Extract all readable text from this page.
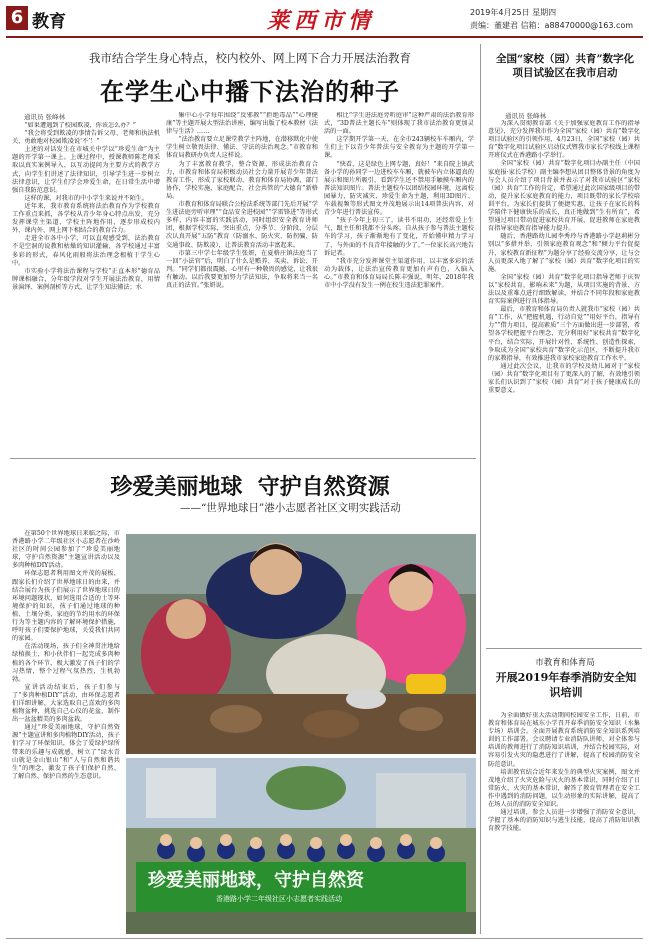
6 教育	莱西市情	2019年4月25日 星期四
责编：董建君 信箱：a88470000@163.com
我市结合学生身心特点，校内校外、网上网下合力开展法治教育
在学生心中播下法治的种子
通讯员 张峰林

“如果遭遇到了校园欺凌，你该怎么办？”

“我会将受到欺凌的事情告诉父母、老师和执法机关，勇敢地对校园欺凌说‘不’！”

上述的对话发生在市城关中学以“珍爱生命”为主题的开学第一课上。上课过程中，授课教师陈老师采取以真实案例导入、以互动提问为主要方式的教学方式，向学生们讲述了法律知识，引导学生进一步树立法律意识，让学生们学会珍爱生命，在日常生活中增强自我防范意识。

这样的课，对我市的中小学生来说并不陌生。

近年来，我市教育系统将法治教育作为学校教育工作重点来抓，各学校从青少年身心特点出发，充分发挥课堂主渠道、学校主阵地作用，逐步形成校内外、课内外、网上网下相结合的教育合力。

走进全市各中小学，可以直观感受到，法治教育不是空洞的说教和枯燥的知识灌输，各学校通过丰富多彩的形式，春风化雨般将法治理念根植于学生心中。

市实验小学将法治课程与学校“正直本形”德育品牌课相融合，分年级学段对学生开展法治教育，用情景演绎、案例剖析等方式，让学生知法懂法；水

集中心小学每年围绕“反邪教”“拒绝毒品”“心理健康”等主题开展大型法治讲座，编写出版了校本教材《法律与生活》……

“法治教育要立足课堂教学主阵地，在潜移默化中使学生树立敬畏法律、懂法、守法的法治观念。”市教育和体育局教研办负责人这样说。

为了丰富教育教学，整合资源，形成法治教育合力，市教育和体育局积极动员社会力量开展青少年普法教育工作，形成了家校联动、教育和体育局协调，部门协作，学校实施，家庭配合，社会共管的“大德育”新格局。

市教育和体育局联合公检法系统等部门先后开展“学生进法庭旁听审理”“食品安全进校园”“学雷锋进”等形式多样，内容丰富的实践活动，同时组织安全教育讲师团，根据学校实际，突出重点，分季节、分阶段、分层次认真开展“五防”教育（防溺水、防火灾、防拐骗、防交通事故、防欺凌），让普法教育活动丰富起来。

市第三中学七年级学生张妍，在夏格庄镇法庭当了一回“小法官”后，明白了什么是赡养、买卖、诉讼、开判。“同学们都很震撼，心里有一种敬畏的感觉，让我很有触动。以后我要更加努力学法知法，争取将来当一名真正的法官。”张妍说。

相比“学生进法庭旁听庭审”这种严肃的法治教育形式，“3D普法主题长车”则体现了我市法治教育更加灵活的一面。

这学期开学第一天，在全市243辆校车车厢内，学生们上下以青少年普法与安全教育为主题的开学第一课。

“快看，这是绿色上网专题，真好！”来自院上镇武备小学的孙同学一边进校车车厢，就被车内立体逼真的展示和图片所吸引，看到学生还不禁用手触摸车厢内的普法知识图片。普法主题校车以团结校园环境，远离校园暴力，防灾减灾、珍爱生命为主题，利用3D图片、车载视频等形式图文并茂地展示出14项普法内容，对青少年进行普法宣传。

“孩子今年上初三了，读书不用功，还经常爱上生气，跟主任和我都不分头疼。自从孩子参与普法主题校车的学习，孩子渐渐地有了变化，开始懂申精力学习了，与外面的不良青年接触的少了。”一位家长高兴地告诉记者。

“我市充分发挥课堂主渠道作用，以丰富多彩的活动为载体，让法治宣传教育更加有声有色，入脑入心。”市教育和体育局局长陈丰强说，明年，2018年我市中小学没有发生一例在校生违法犯罪案件。

全国“家校（园）共育”数字化项目试验区在我市启动
通讯员 张峰林

为深入贯彻教育部《关于加强家庭教育工作的指导意见》，充分发挥我市作为全国“家校（园）共育”数字化项目试验区的引领作用，4月23日，全国“家校（园）共育”数字化项目试验区启动仪式暨我市家长学校线上课程开班仪式在香港路小学举行。

全国“家校（园）共育”数字化项目办副主任（中国家庭报·家长学校）副主编李想从团目整体背景的角度为与会人员介绍了项目背景并表示了对我市试验区“家校（园）共育”工作的肯定，希望通过此次国家级项目的带动，提升家长家庭教育的能力，项目既带的家长学校培训平台，为家长们提供了便捷实惠，让孩子在家长的科学陪伴下健康快乐的成长，真正地做到“生有所育”，希望通过项目带动促进家校共育开展，促进教师在家庭教育指导家庭教育指导能力提升。

随后，香港路幼儿园李秀玲与香港路小学赵莉彬分别以“多措并举，引领家庭教育观念”和“倾力平台促提升，家校教育新征程”为题分享了经验交流分享，让与会人员更深入地了解了“家校（园）共育”数字化项目的实施。

全国“家校（园）共育”数字化项目指导老师于庆智以“家校共育，影响未来”为题，从项目实施的背景、方法以及重难点进行细致解读，并结合不同年段和家庭教育实际案例进行具体指导。

最后，市教育和体育局负责人就我市“家校（园）共育”工作，从“把握机遇，行动自觉”“用好平台，指导有力”“借力项目，提高素质”三个方面做出进一步部署，希望各学校把握平台理念，充分利用好“家校共育”数字化平台，结合实际，开展针对性、系统性、创造性探索，争取成为全国“家校共育”数字化示范区，不断提升我市的家教指导，有效推进我市家校家庭教育工作水平。

通过此次会议，让我市的学校及幼儿园对于“家校（园）共育”数字化项目有了更深入的了解，有效地引领家长们认识到了“家校（园）共育”对于孩子健康成长的重要意义。

珍爱美丽地球  守护自然资源
——“世界地球日”港小志愿者社区文明实践活动

在第50个世界地球日来临之际，市香港路小学二年级社区小志愿者在沙岭社区的时间公园参加了“珍爱美丽地球，守护自然资源”主题宣讲活动以及多肉种植DIY活动。

环保志愿者利用图文并茂的展板，跟家长们介绍了世界地球日的由来，并结合展台为孩子们展示了世界地球日的环境问题现状，如何选用合适的土等环境保护的知识，孩子们通过地球的种植、土壤分类、家庭的节约用水的环保行为等主题内容的了解环境保护措施，呼吁孩子们要保护地球，关爱我们共同的家园。

在活动现场，孩子们全神贯注地给绿植换土，和小伙伴们一起完成多肉种植的各个环节，极大激发了孩子们的学习热情，整个过程气氛热烈，生机勃勃。

宣讲活动结束后，孩子们参与了“多肉种植DIY”活动，由环保志愿者们详细讲解，大家选取自己喜欢的多肉植物盆种，挑选自己心仪的花盆，制作出一盆盆精美的多肉盆栽。

通过“珍爱美丽地球，守护自然资源”主题宣讲和多肉植物DIY活动，孩子们学习了环保知识，体会了爱绿护绿所带来的乐趣与成就感，树立了“绿水青山就是金山银山”和“人与自然和谐共生”的理念，激发了孩子们保护自然、了解自然、保护自然的生态意识。

珍爱美丽地球，守护自然资
香港路小学二年级社区小志愿者实践活动
市教育和体育局
开展2019年春季消防安全知识培训

为全面做好重大活动期间校园安全工作，日前，市教育和体育局在城东小学召开春季消防安全知识（水集专场）培训会。全面开展教育系统消防安全知识系列培训的工作部署。会议聘请专业消防队讲师，对全体参与培训的教师进行了消防知识培训，并结合校园实际，对容易引发火灾的隐患进行了讲解，提高了校园消防安全防范意识。

培训教官结合近年来发生的典型火灾案例，图文并茂地介绍了火灾危险与灭火的基本常识，同时介绍了日常防火、火灾的基本常识，解答了教育管理者在安全工作中遇到的消防问题，以生动形象的实际讲解，提高了在场人员的消防安全知识。

通过培训，参会人员进一步增强了消防安全意识，学握了基本的消防知识与逃生技能，提高了消防知识教育教学技能。
